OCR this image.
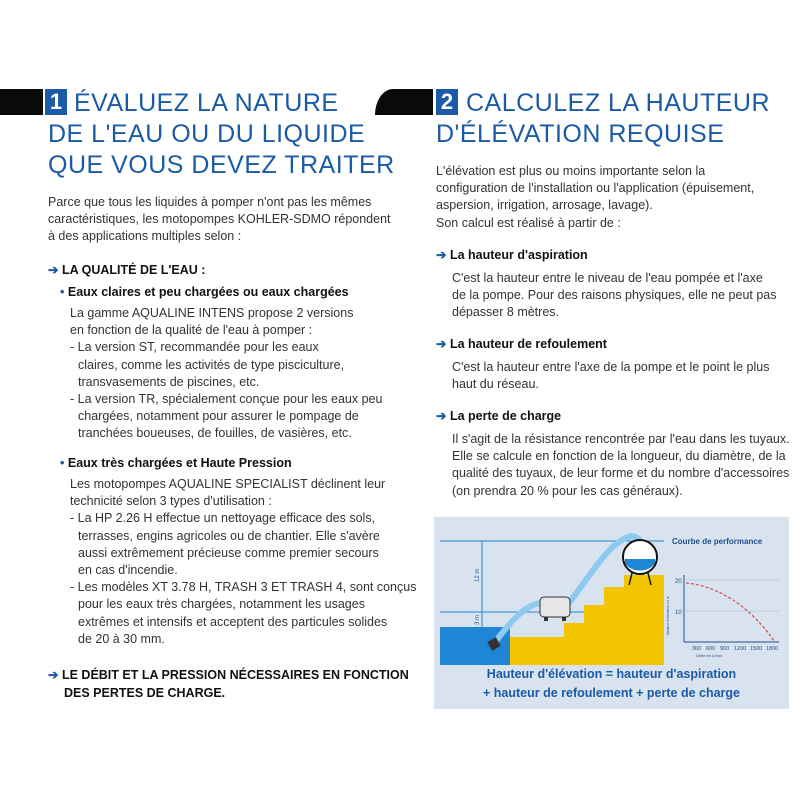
1 ÉVALUEZ LA NATURE
DE L'EAU OU DU LIQUIDE
QUE VOUS DEVEZ TRAITER
Parce que tous les liquides à pomper n'ont pas les mêmes
caractéristiques, les motopompes KOHLER-SDMO répondent
à des applications multiples selon :
➔ LA QUALITÉ DE L'EAU :
• Eaux claires et peu chargées ou eaux chargées
La gamme AQUALINE INTENS propose 2 versions
en fonction de la qualité de l'eau à pomper :
- La version ST, recommandée pour les eaux
claires, comme les activités de type pisciculture,
transvasements de piscines, etc.
- La version TR, spécialement conçue pour les eaux peu
chargées, notamment pour assurer le pompage de
tranchées boueuses, de fouilles, de vasières, etc.
• Eaux très chargées et Haute Pression
Les motopompes AQUALINE SPECIALIST déclinent leur
technicité selon 3 types d'utilisation :
- La HP 2.26 H effectue un nettoyage efficace des sols,
terrasses, engins agricoles ou de chantier. Elle s'avère
aussi extrêmement précieuse comme premier secours
en cas d'incendie.
- Les modèles XT 3.78 H, TRASH 3 ET TRASH 4, sont conçus
pour les eaux très chargées, notamment les usages
extrêmes et intensifs et acceptent des particules solides
de 20 à 30 mm.
➔ LE DÉBIT ET LA PRESSION NÉCESSAIRES EN FONCTION
DES PERTES DE CHARGE.
2 CALCULEZ LA HAUTEUR
D'ÉLÉVATION REQUISE
L'élévation est plus ou moins importante selon la
configuration de l'installation ou l'application (épuisement,
aspersion, irrigation, arrosage, lavage).
Son calcul est réalisé à partir de :
➔ La hauteur d'aspiration
C'est la hauteur entre le niveau de l'eau pompée et l'axe
de la pompe. Pour des raisons physiques, elle ne peut pas
dépasser 8 mètres.
➔ La hauteur de refoulement
C'est la hauteur entre l'axe de la pompe et le point le plus
haut du réseau.
➔ La perte de charge
Il s'agit de la résistance rencontrée par l'eau dans les tuyaux.
Elle se calcule en fonction de la longueur, du diamètre, de la
qualité des tuyaux, de leur forme et du nombre d'accessoires
(on prendra 20 % pour les cas généraux).
12 m
3 m
Courbe de performance
20
10
Hauteur d'élévation en m
300 600 900 1200 1500 1800
Débit en L/min.
Hauteur d'élévation = hauteur d'aspiration
+ hauteur de refoulement + perte de charge
